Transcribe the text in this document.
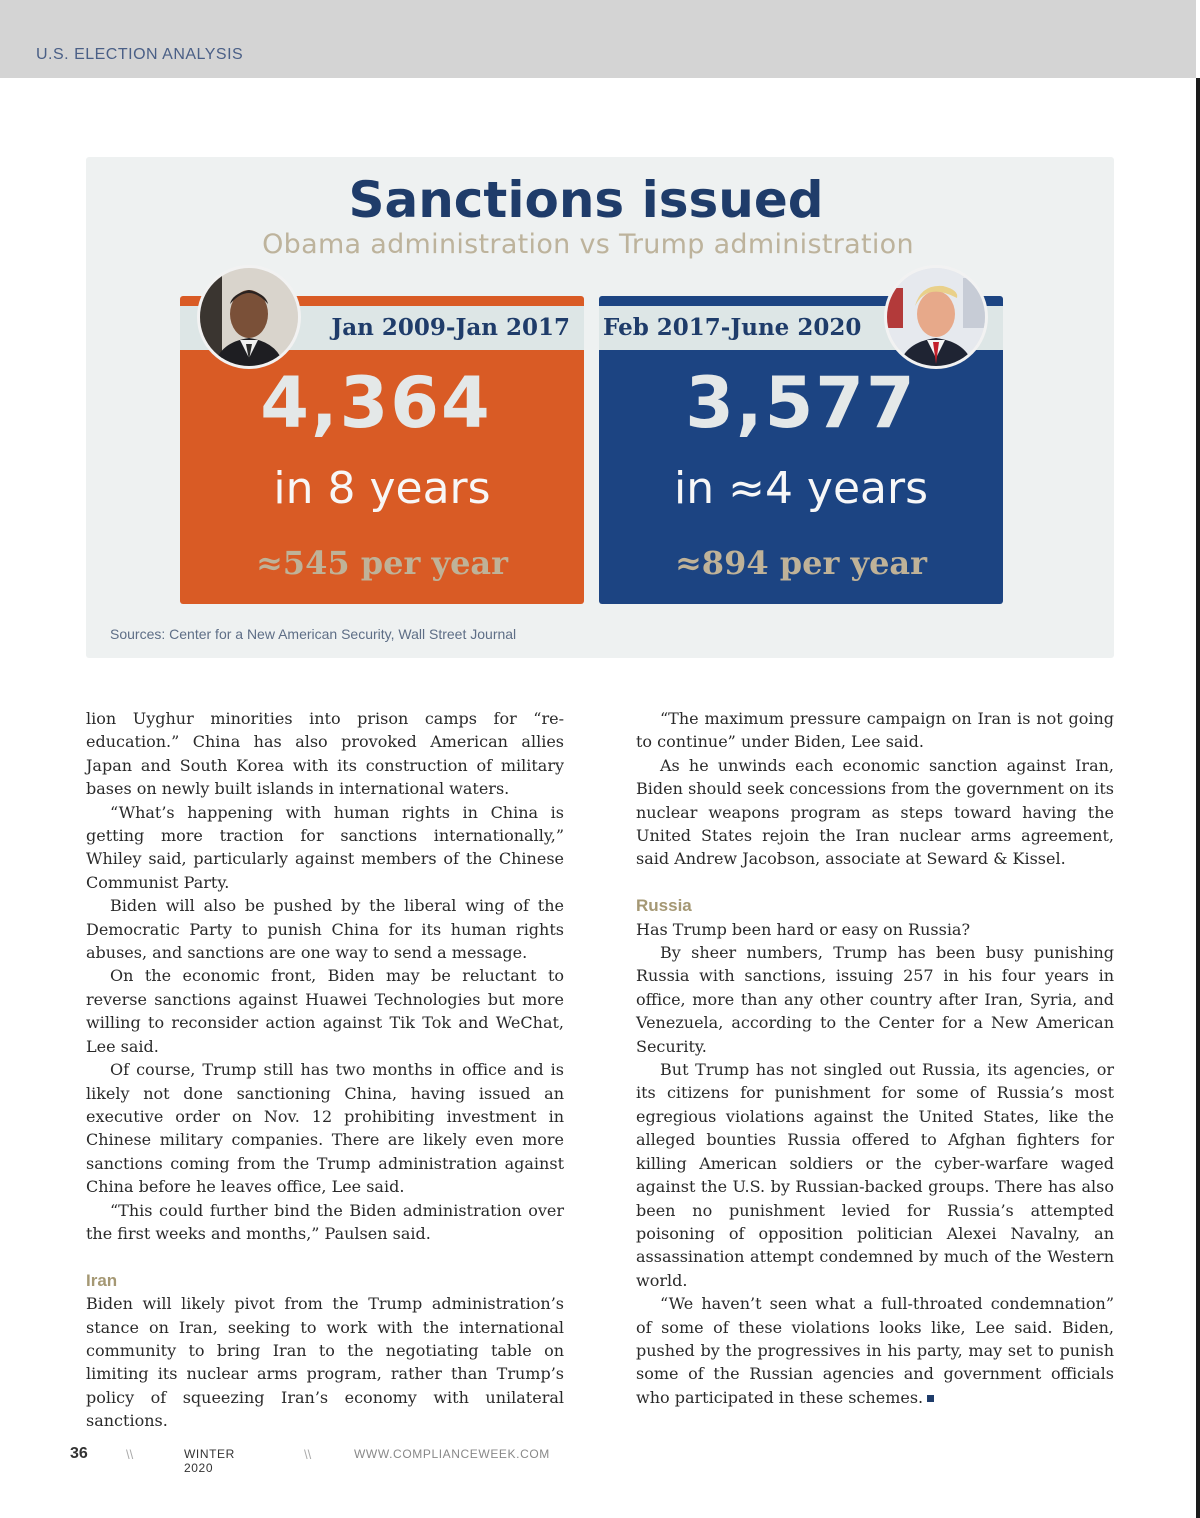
U.S. ELECTION ANALYSIS
Sanctions issued
Obama administration vs Trump administration
Jan 2009-Jan 2017
4,364
in 8 years
≈545 per year
Feb 2017-June 2020
3,577
in ≈4 years
≈894 per year
Sources: Center for a New American Security, Wall Street Journal

lion Uyghur minorities into prison camps for “re-education.” China has also provoked American allies Japan and South Korea with its construction of military bases on newly built islands in international waters.

“What’s happening with human rights in China is getting more traction for sanctions internationally,” Whiley said, particularly against members of the Chinese Communist Party.

Biden will also be pushed by the liberal wing of the Democratic Party to punish China for its human rights abuses, and sanctions are one way to send a message.

On the economic front, Biden may be reluctant to reverse sanctions against Huawei Technologies but more willing to reconsider action against Tik Tok and WeChat, Lee said.

Of course, Trump still has two months in office and is likely not done sanctioning China, having issued an executive order on Nov. 12 prohibiting investment in Chinese military companies. There are likely even more sanctions coming from the Trump administration against China before he leaves office, Lee said.

“This could further bind the Biden administration over the first weeks and months,” Paulsen said.

Iran

Biden will likely pivot from the Trump administration’s stance on Iran, seeking to work with the international community to bring Iran to the negotiating table on limiting its nuclear arms program, rather than Trump’s policy of squeezing Iran’s economy with unilateral sanctions.

“The maximum pressure campaign on Iran is not going to continue” under Biden, Lee said.

As he unwinds each economic sanction against Iran, Biden should seek concessions from the government on its nuclear weapons program as steps toward having the United States rejoin the Iran nuclear arms agreement, said Andrew Jacobson, associate at Seward & Kissel.

Russia

Has Trump been hard or easy on Russia?

By sheer numbers, Trump has been busy punishing Russia with sanctions, issuing 257 in his four years in office, more than any other country after Iran, Syria, and Venezuela, according to the Center for a New American Security.

But Trump has not singled out Russia, its agencies, or its citizens for punishment for some of Russia’s most egregious violations against the United States, like the alleged bounties Russia offered to Afghan fighters for killing American soldiers or the cyber-warfare waged against the U.S. by Russian-backed groups. There has also been no punishment levied for Russia’s attempted poisoning of opposition politician Alexei Navalny, an assassination attempt condemned by much of the Western world.

“We haven’t seen what a full-throated condemnation” of some of these violations looks like, Lee said. Biden, pushed by the progressives in his party, may set to punish some of the Russian agencies and government officials who participated in these schemes.

36	\\	WINTER 2020
\\	WWW.COMPLIANCEWEEK.COM
